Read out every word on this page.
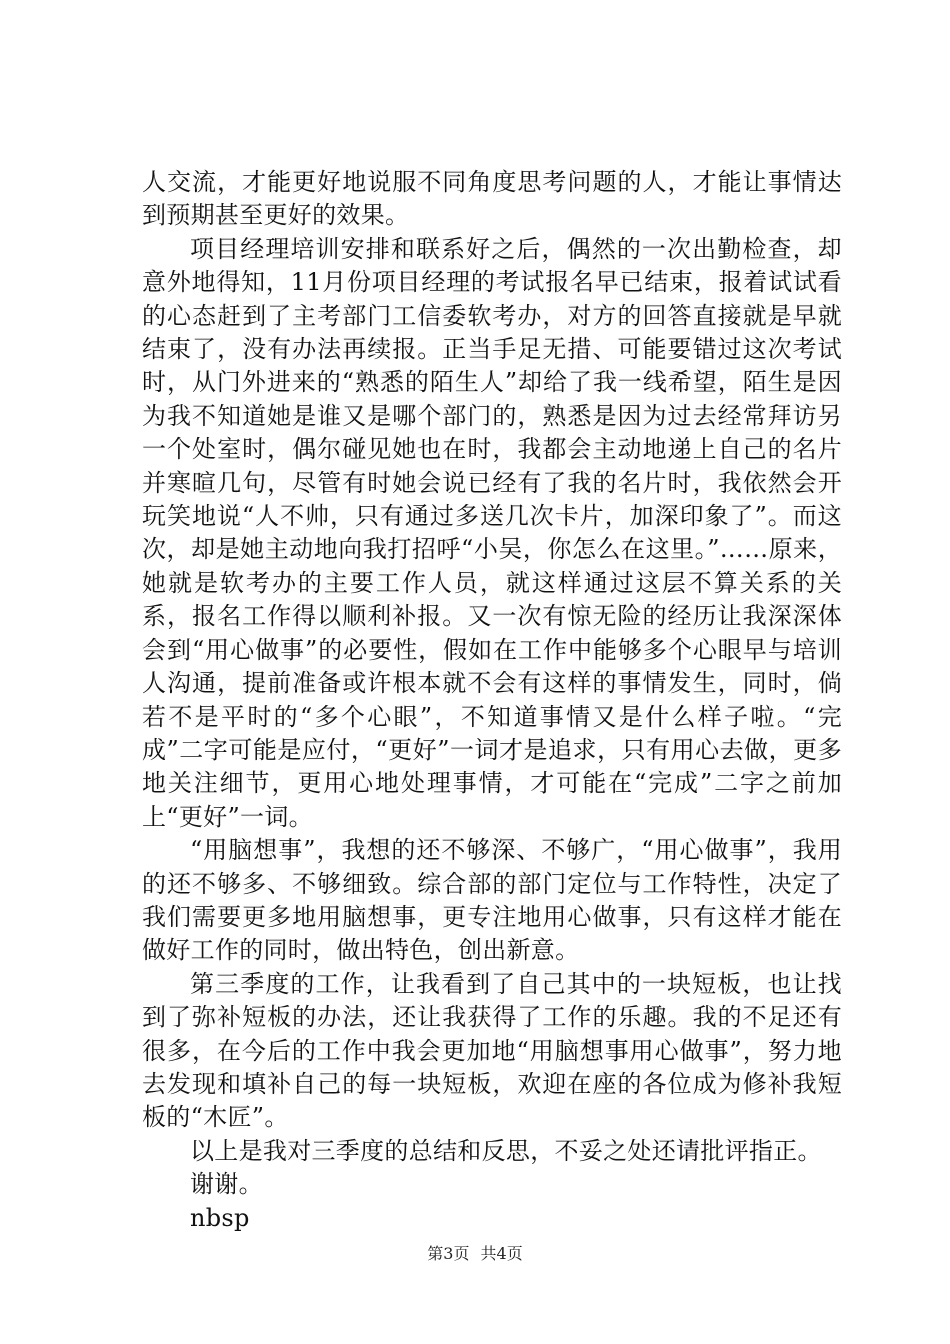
人交流，才能更好地说服不同角度思考问题的人，才能让事情达到预期甚至更好的效果。

项目经理培训安排和联系好之后，偶然的一次出勤检查，却意外地得知，11月份项目经理的考试报名早已结束，报着试试看的心态赶到了主考部门工信委软考办，对方的回答直接就是早就结束了，没有办法再续报。正当手足无措、可能要错过这次考试时，从门外进来的“熟悉的陌生人”却给了我一线希望，陌生是因为我不知道她是谁又是哪个部门的，熟悉是因为过去经常拜访另一个处室时，偶尔碰见她也在时，我都会主动地递上自己的名片并寒暄几句，尽管有时她会说已经有了我的名片时，我依然会开玩笑地说“人不帅，只有通过多送几次卡片，加深印象了”。而这次，却是她主动地向我打招呼“小吴，你怎么在这里。”……原来，她就是软考办的主要工作人员，就这样通过这层不算关系的关系，报名工作得以顺利补报。又一次有惊无险的经历让我深深体会到“用心做事”的必要性，假如在工作中能够多个心眼早与培训人沟通，提前准备或许根本就不会有这样的事情发生，同时，倘若不是平时的“多个心眼”，不知道事情又是什么样子啦。“完成”二字可能是应付，“更好”一词才是追求，只有用心去做，更多地关注细节，更用心地处理事情，才可能在“完成”二字之前加上“更好”一词。

“用脑想事”，我想的还不够深、不够广，“用心做事”，我用的还不够多、不够细致。综合部的部门定位与工作特性，决定了我们需要更多地用脑想事，更专注地用心做事，只有这样才能在做好工作的同时，做出特色，创出新意。

第三季度的工作，让我看到了自己其中的一块短板，也让找到了弥补短板的办法，还让我获得了工作的乐趣。我的不足还有很多，在今后的工作中我会更加地“用脑想事用心做事”，努力地去发现和填补自己的每一块短板，欢迎在座的各位成为修补我短板的“木匠”。

以上是我对三季度的总结和反思，不妥之处还请批评指正。

谢谢。

nbsp

第3页 共4页
